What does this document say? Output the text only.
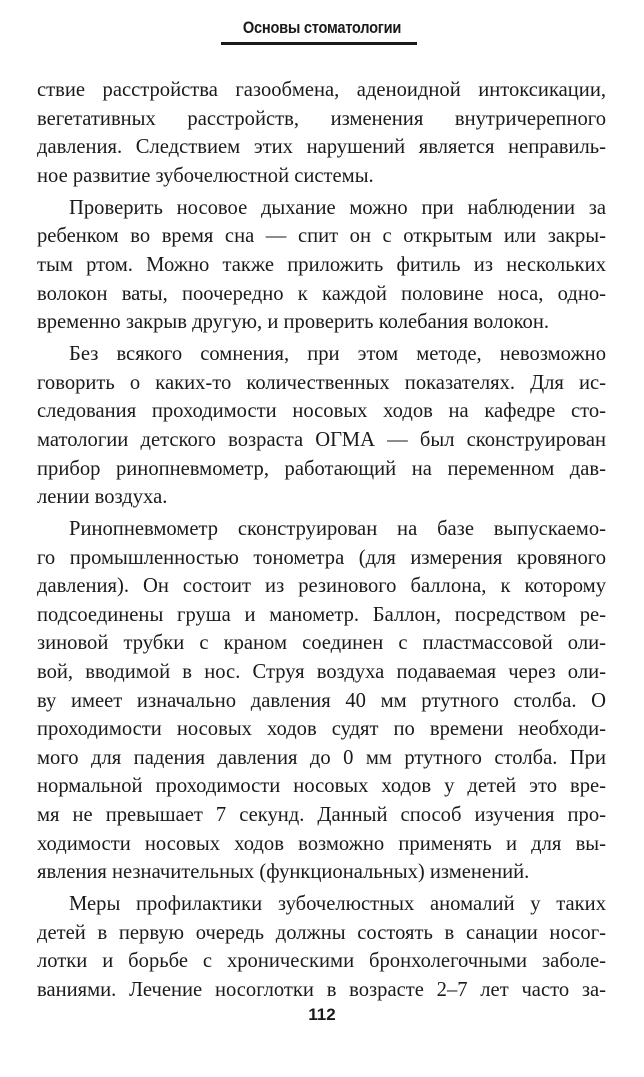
Основы стоматологии
ствие расстройства газообмена, аденоидной интоксикации,
вегетативных расстройств, изменения внутричерепного
давления. Следствием этих нарушений является неправиль-
ное развитие зубочелюстной системы.
Проверить носовое дыхание можно при наблюдении за
ребенком во время сна — спит он с открытым или закры-
тым ртом. Можно также приложить фитиль из нескольких
волокон ваты, поочередно к каждой половине носа, одно-
временно закрыв другую, и проверить колебания волокон.
Без всякого сомнения, при этом методе, невозможно
говорить о каких-то количественных показателях. Для ис-
следования проходимости носовых ходов на кафедре сто-
матологии детского возраста ОГМА — был сконструирован
прибор ринопневмометр, работающий на переменном дав-
лении воздуха.
Ринопневмометр сконструирован на базе выпускаемо-
го промышленностью тонометра (для измерения кровяного
давления). Он состоит из резинового баллона, к которому
подсоединены груша и манометр. Баллон, посредством ре-
зиновой трубки с краном соединен с пластмассовой оли-
вой, вводимой в нос. Струя воздуха подаваемая через оли-
ву имеет изначально давления 40 мм ртутного столба. О
проходимости носовых ходов судят по времени необходи-
мого для падения давления до 0 мм ртутного столба. При
нормальной проходимости носовых ходов у детей это вре-
мя не превышает 7 секунд. Данный способ изучения про-
ходимости носовых ходов возможно применять и для вы-
явления незначительных (функциональных) изменений.
Меры профилактики зубочелюстных аномалий у таких
детей в первую очередь должны состоять в санации носог-
лотки и борьбе с хроническими бронхолегочными заболе-
ваниями. Лечение носоглотки в возрасте 2–7 лет часто за-
112
